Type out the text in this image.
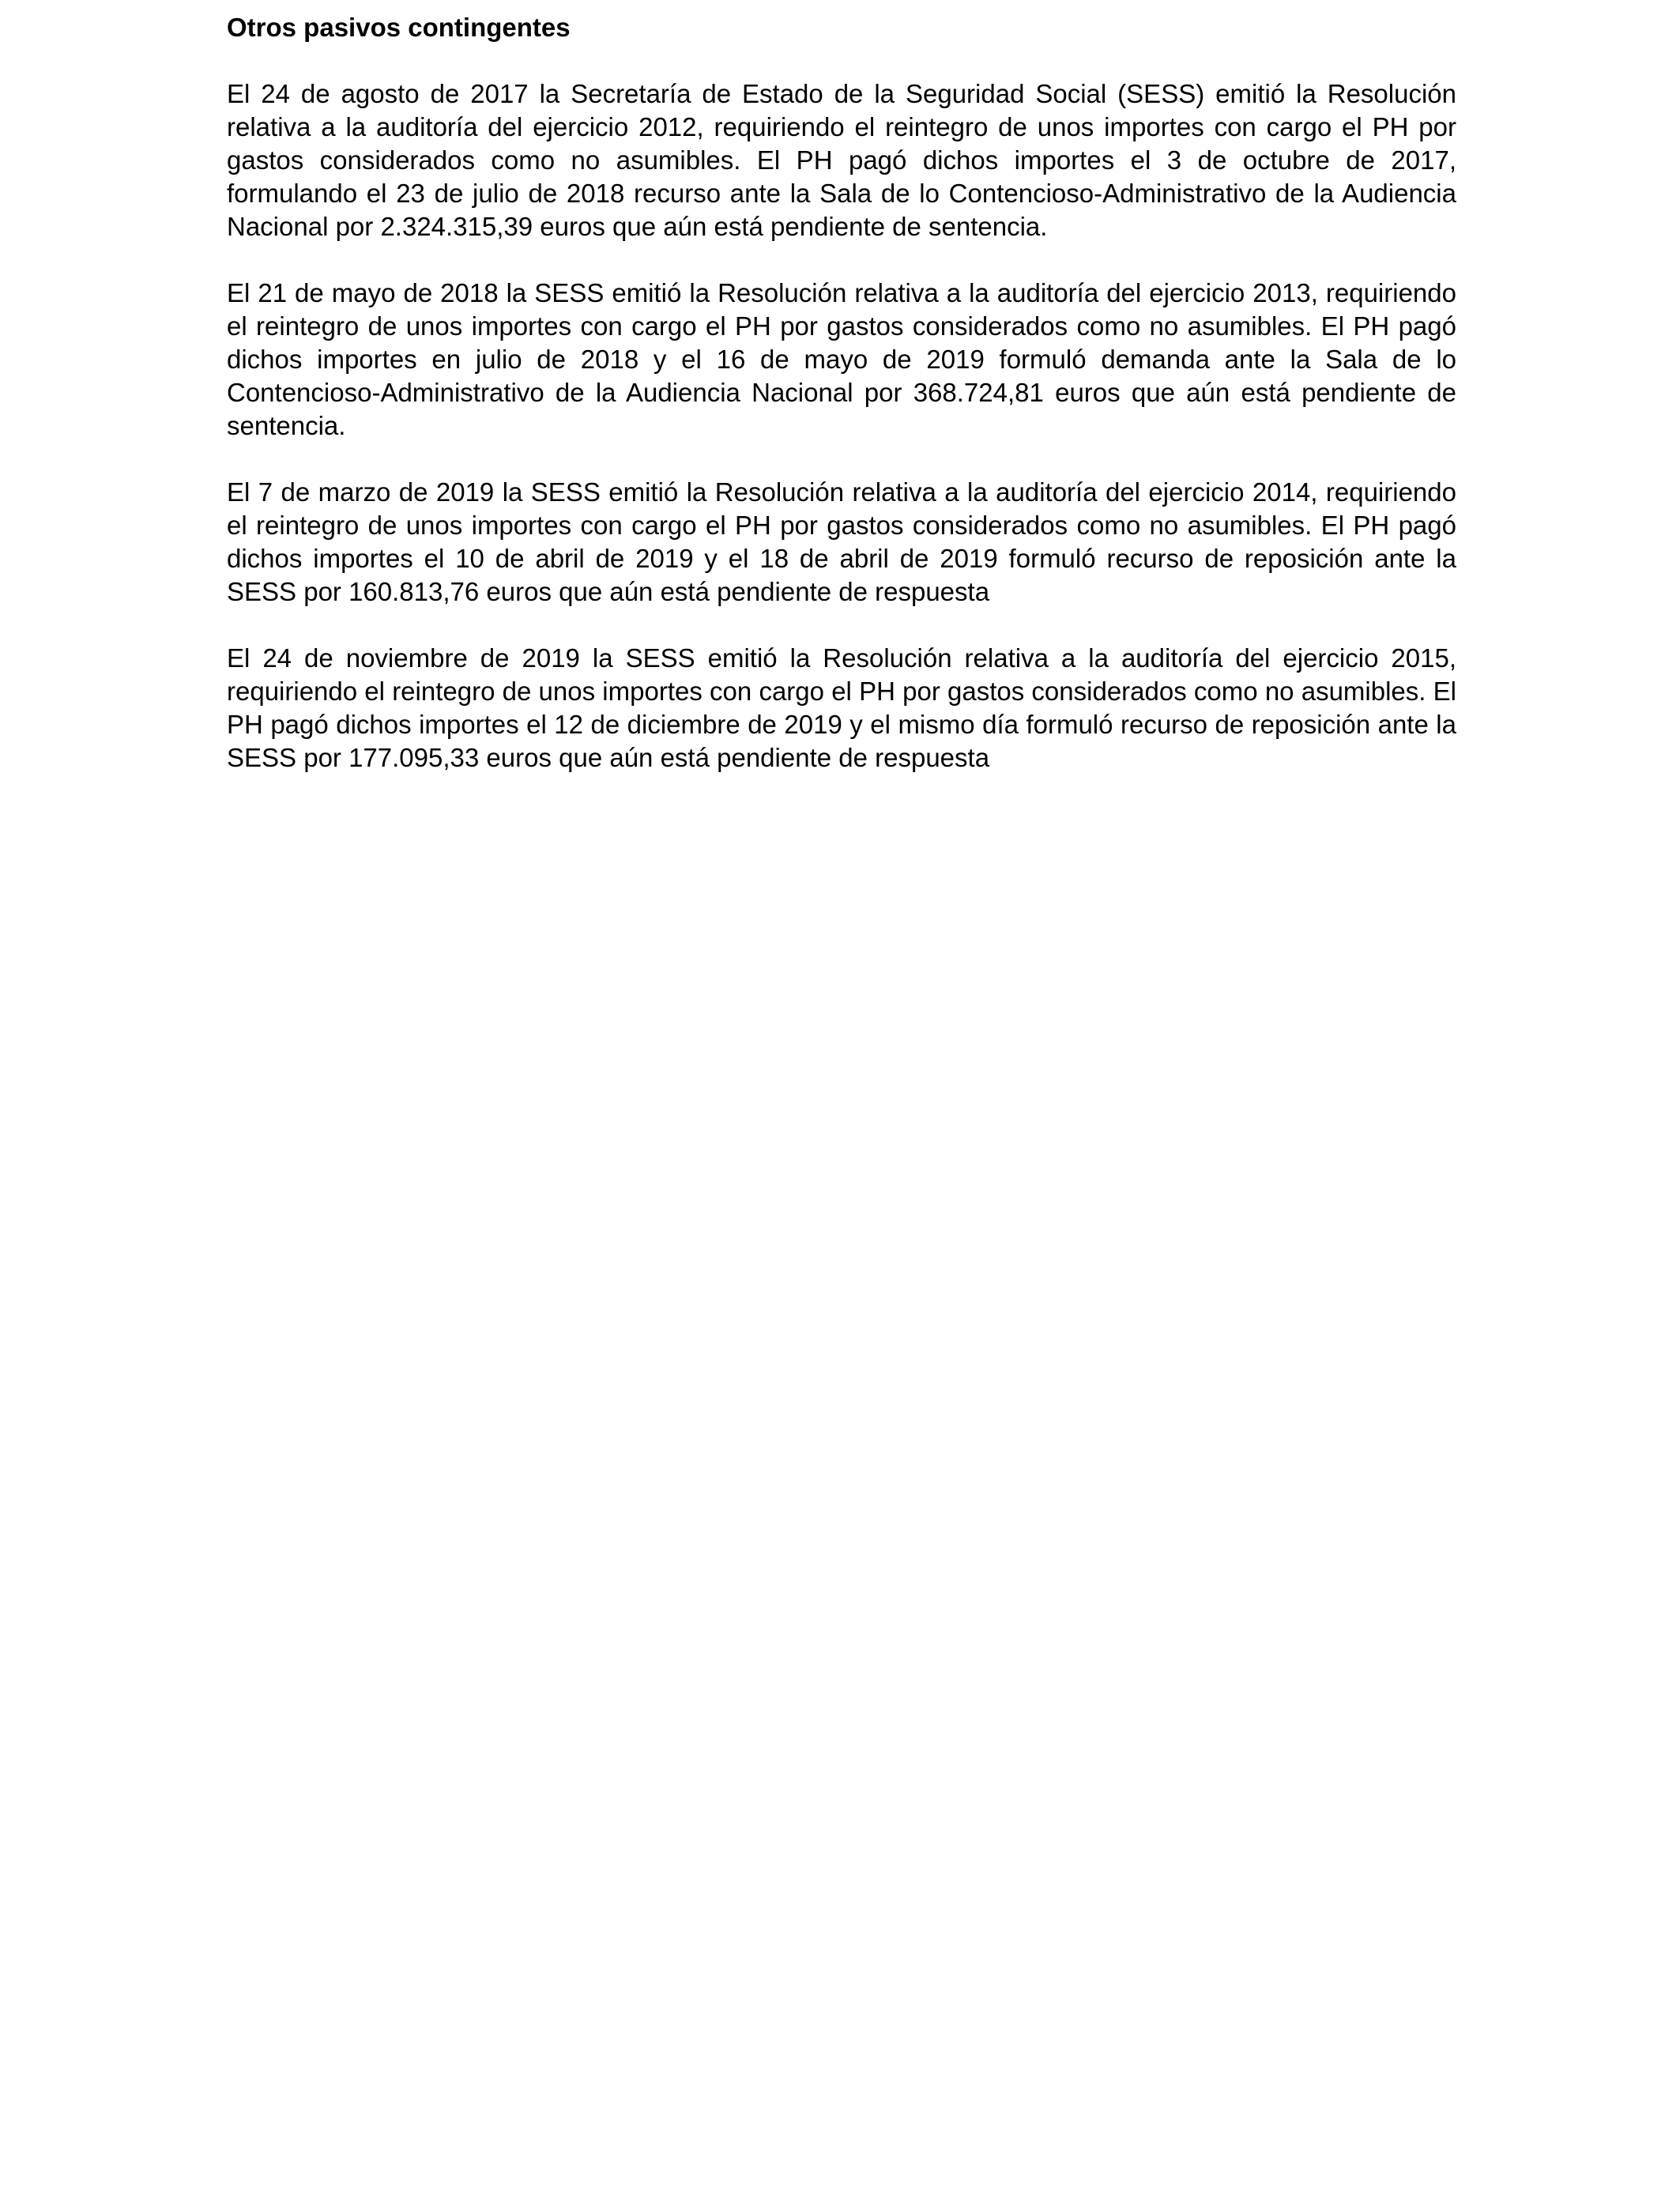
Otros pasivos contingentes

El 24 de agosto de 2017 la Secretaría de Estado de la Seguridad Social (SESS) emitió la Resolución relativa a la auditoría del ejercicio 2012, requiriendo el reintegro de unos importes con cargo el PH por gastos considerados como no asumibles. El PH pagó dichos importes el 3 de octubre de 2017, formulando el 23 de julio de 2018 recurso ante la Sala de lo Contencioso-Administrativo de la Audiencia Nacional por 2.324.315,39 euros que aún está pendiente de sentencia.

El 21 de mayo de 2018 la SESS emitió la Resolución relativa a la auditoría del ejercicio 2013, requiriendo el reintegro de unos importes con cargo el PH por gastos considerados como no asumibles. El PH pagó dichos importes en julio de 2018 y el 16 de mayo de 2019 formuló demanda ante la Sala de lo Contencioso-Administrativo de la Audiencia Nacional por 368.724,81 euros que aún está pendiente de sentencia.

El 7 de marzo de 2019 la SESS emitió la Resolución relativa a la auditoría del ejercicio 2014, requiriendo el reintegro de unos importes con cargo el PH por gastos considerados como no asumibles. El PH pagó dichos importes el 10 de abril de 2019 y el 18 de abril de 2019 formuló recurso de reposición ante la SESS por 160.813,76 euros que aún está pendiente de respuesta

El 24 de noviembre de 2019 la SESS emitió la Resolución relativa a la auditoría del ejercicio 2015, requiriendo el reintegro de unos importes con cargo el PH por gastos considerados como no asumibles. El PH pagó dichos importes el 12 de diciembre de 2019 y el mismo día formuló recurso de reposición ante la SESS por 177.095,33 euros que aún está pendiente de respuesta
